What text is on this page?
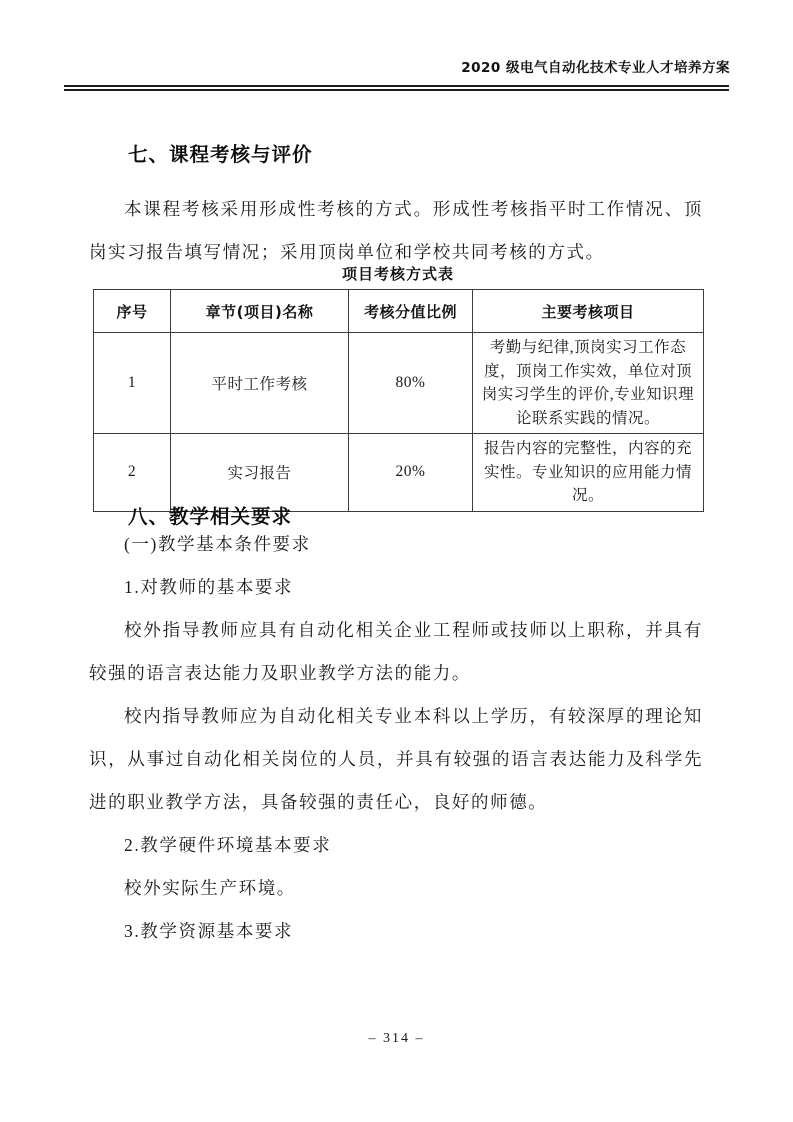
2020 级电气自动化技术专业人才培养方案
七、课程考核与评价

本课程考核采用形成性考核的方式。形成性考核指平时工作情况、顶岗实习报告填写情况；采用顶岗单位和学校共同考核的方式。

项目考核方式表
序号	章节(项目)名称	考核分值比例	主要考核项目
1	平时工作考核	80%	考勤与纪律,顶岗实习工作态度，顶岗工作实效，单位对顶岗实习学生的评价,专业知识理论联系实践的情况。
2	实习报告	20%	报告内容的完整性，内容的充实性。专业知识的应用能力情况。
八、教学相关要求

(一)教学基本条件要求

1.对教师的基本要求

校外指导教师应具有自动化相关企业工程师或技师以上职称，并具有较强的语言表达能力及职业教学方法的能力。

校内指导教师应为自动化相关专业本科以上学历，有较深厚的理论知识，从事过自动化相关岗位的人员，并具有较强的语言表达能力及科学先进的职业教学方法，具备较强的责任心，良好的师德。

2.教学硬件环境基本要求

校外实际生产环境。

3.教学资源基本要求

– 314 –
